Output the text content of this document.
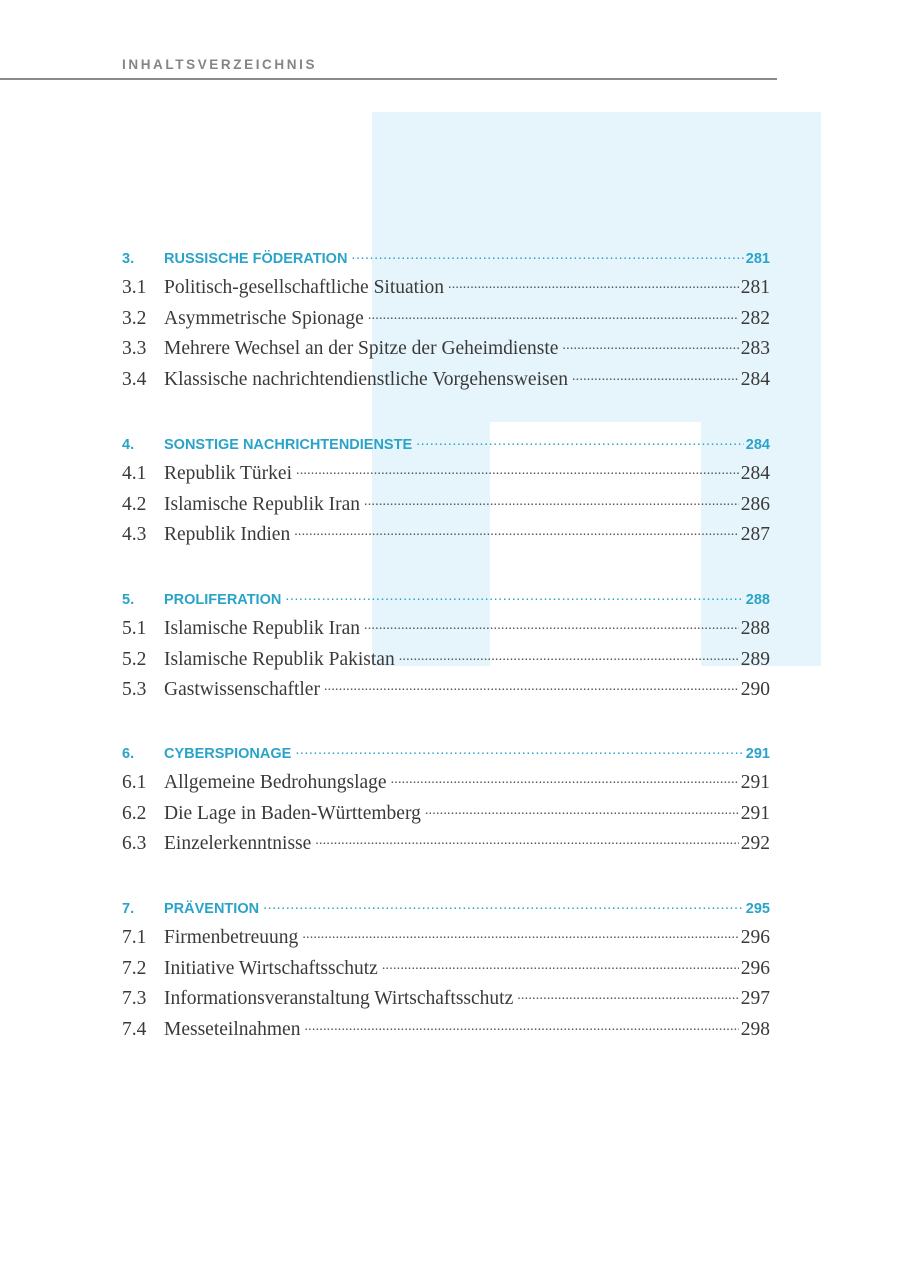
INHALTSVERZEICHNIS
3.	RUSSISCHE FÖDERATION .....	281
3.1 Politisch-gesellschaftliche Situation .....	281
3.2 Asymmetrische Spionage .....	282
3.3 Mehrere Wechsel an der Spitze der Geheimdienste .....	283
3.4 Klassische nachrichtendienstliche Vorgehensweisen .....	284
4.	SONSTIGE NACHRICHTENDIENSTE .....	284
4.1 Republik Türkei .....	284
4.2 Islamische Republik Iran .....	286
4.3 Republik Indien .....	287
5.	PROLIFERATION .....	288
5.1 Islamische Republik Iran .....	288
5.2 Islamische Republik Pakistan .....	289
5.3 Gastwissenschaftler .....	290
6.	CYBERSPIONAGE .....	291
6.1 Allgemeine Bedrohungslage .....	291
6.2 Die Lage in Baden-Württemberg .....	291
6.3 Einzelerkenntnisse .....	292
7.	PRÄVENTION .....	295
7.1 Firmenbetreuung .....	296
7.2 Initiative Wirtschaftsschutz .....	296
7.3 Informationsveranstaltung Wirtschaftsschutz .....	297
7.4 Messeteilnahmen .....	298
